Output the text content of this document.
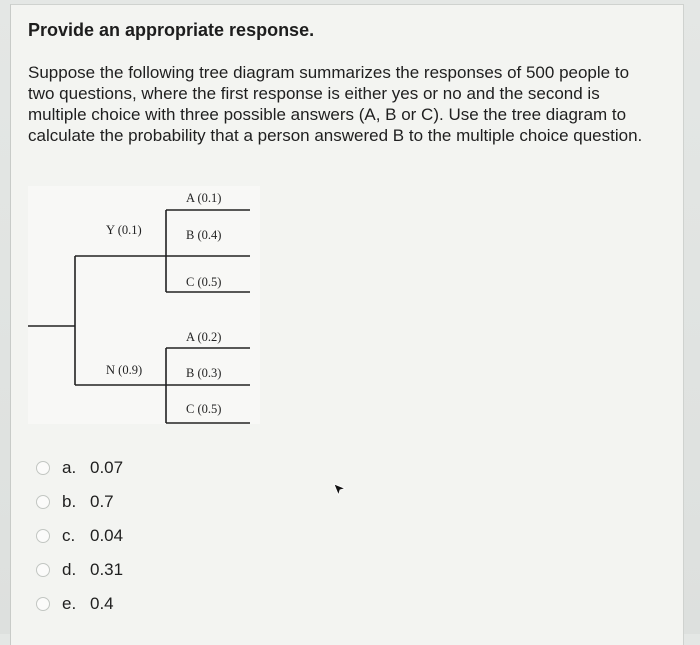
Provide an appropriate response.
Suppose the following tree diagram summarizes the responses of 500 people to two questions, where the first response is either yes or no and the second is multiple choice with three possible answers (A, B or C). Use the tree diagram to calculate the probability that a person answered B to the multiple choice question.
Y (0.1)
A (0.1)
B (0.4)
C (0.5)
N (0.9)
A (0.2)
B (0.3)
C (0.5)
a. 0.07
b. 0.7
c. 0.04
d. 0.31
e. 0.4
